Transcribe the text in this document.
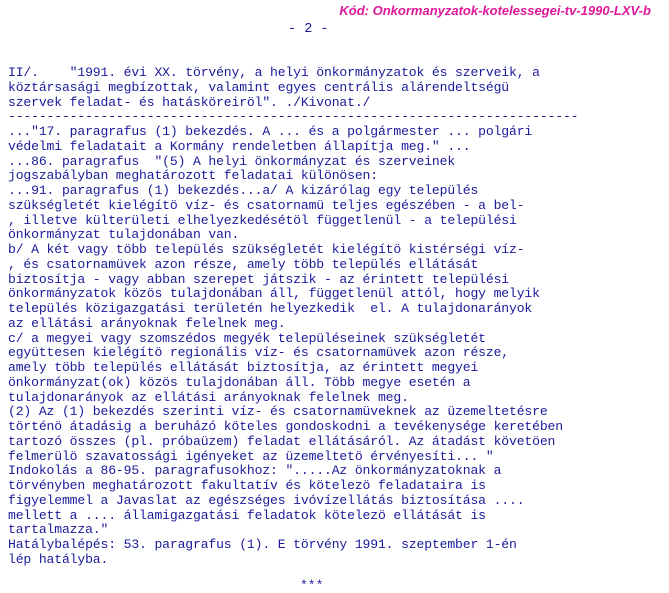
Kód: Onkormanyzatok-kotelessegei-tv-1990-LXV-b
- 2 -
II/.    "1991. évi XX. törvény, a helyi önkormányzatok és szerveik, a
köztársasági megbízottak, valamint egyes centrális alárendeltségü
szervek feladat- és hatásköreiröl". ./Kivonat./
--------------------------------------------------------------------------
..."17. paragrafus (1) bekezdés. A ... és a polgármester ... polgári
védelmi feladatait a Kormány rendeletben állapítja meg." ...
...86. paragrafus  "(5) A helyi önkormányzat és szerveinek
jogszabályban meghatározott feladatai különösen:
...91. paragrafus (1) bekezdés...a/ A kizárólag egy település
szükségletét kielégítö víz- és csatornamü teljes egészében - a bel-
, illetve külterületi elhelyezkedésétöl függetlenül - a települési
önkormányzat tulajdonában van.
b/ A két vagy több település szükségletét kielégítö kistérségi víz-
, és csatornamüvek azon része, amely több település ellátását
biztosítja - vagy abban szerepet játszik - az érintett települési
önkormányzatok közös tulajdonában áll, függetlenül attól, hogy melyik
település közigazgatási területén helyezkedik  el. A tulajdonarányok
az ellátási arányoknak felelnek meg.
c/ a megyei vagy szomszédos megyék településeinek szükségletét
együttesen kielégítö regionális víz- és csatornamüvek azon része,
amely több település ellátását biztosítja, az érintett megyei
önkormányzat(ok) közös tulajdonában áll. Több megye esetén a
tulajdonarányok az ellátási arányoknak felelnek meg.
(2) Az (1) bekezdés szerinti víz- és csatornamüveknek az üzemeltetésre
történö átadásig a beruházó köteles gondoskodni a tevékenysége keretében
tartozó összes (pl. próbaüzem) feladat ellátásáról. Az átadást követöen
felmerülö szavatossági igényeket az üzemeltetö érvényesíti... "
Indokolás a 86-95. paragrafusokhoz: ".....Az önkormányzatoknak a
törvényben meghatározott fakultatív és kötelezö feladataira is
figyelemmel a Javaslat az egészséges ivóvízellátás biztosítása ....
mellett a .... államigazgatási feladatok kötelezö ellátását is
tartalmazza."
Hatálybalépés: 53. paragrafus (1). E törvény 1991. szeptember 1-én
lép hatályba.
***
